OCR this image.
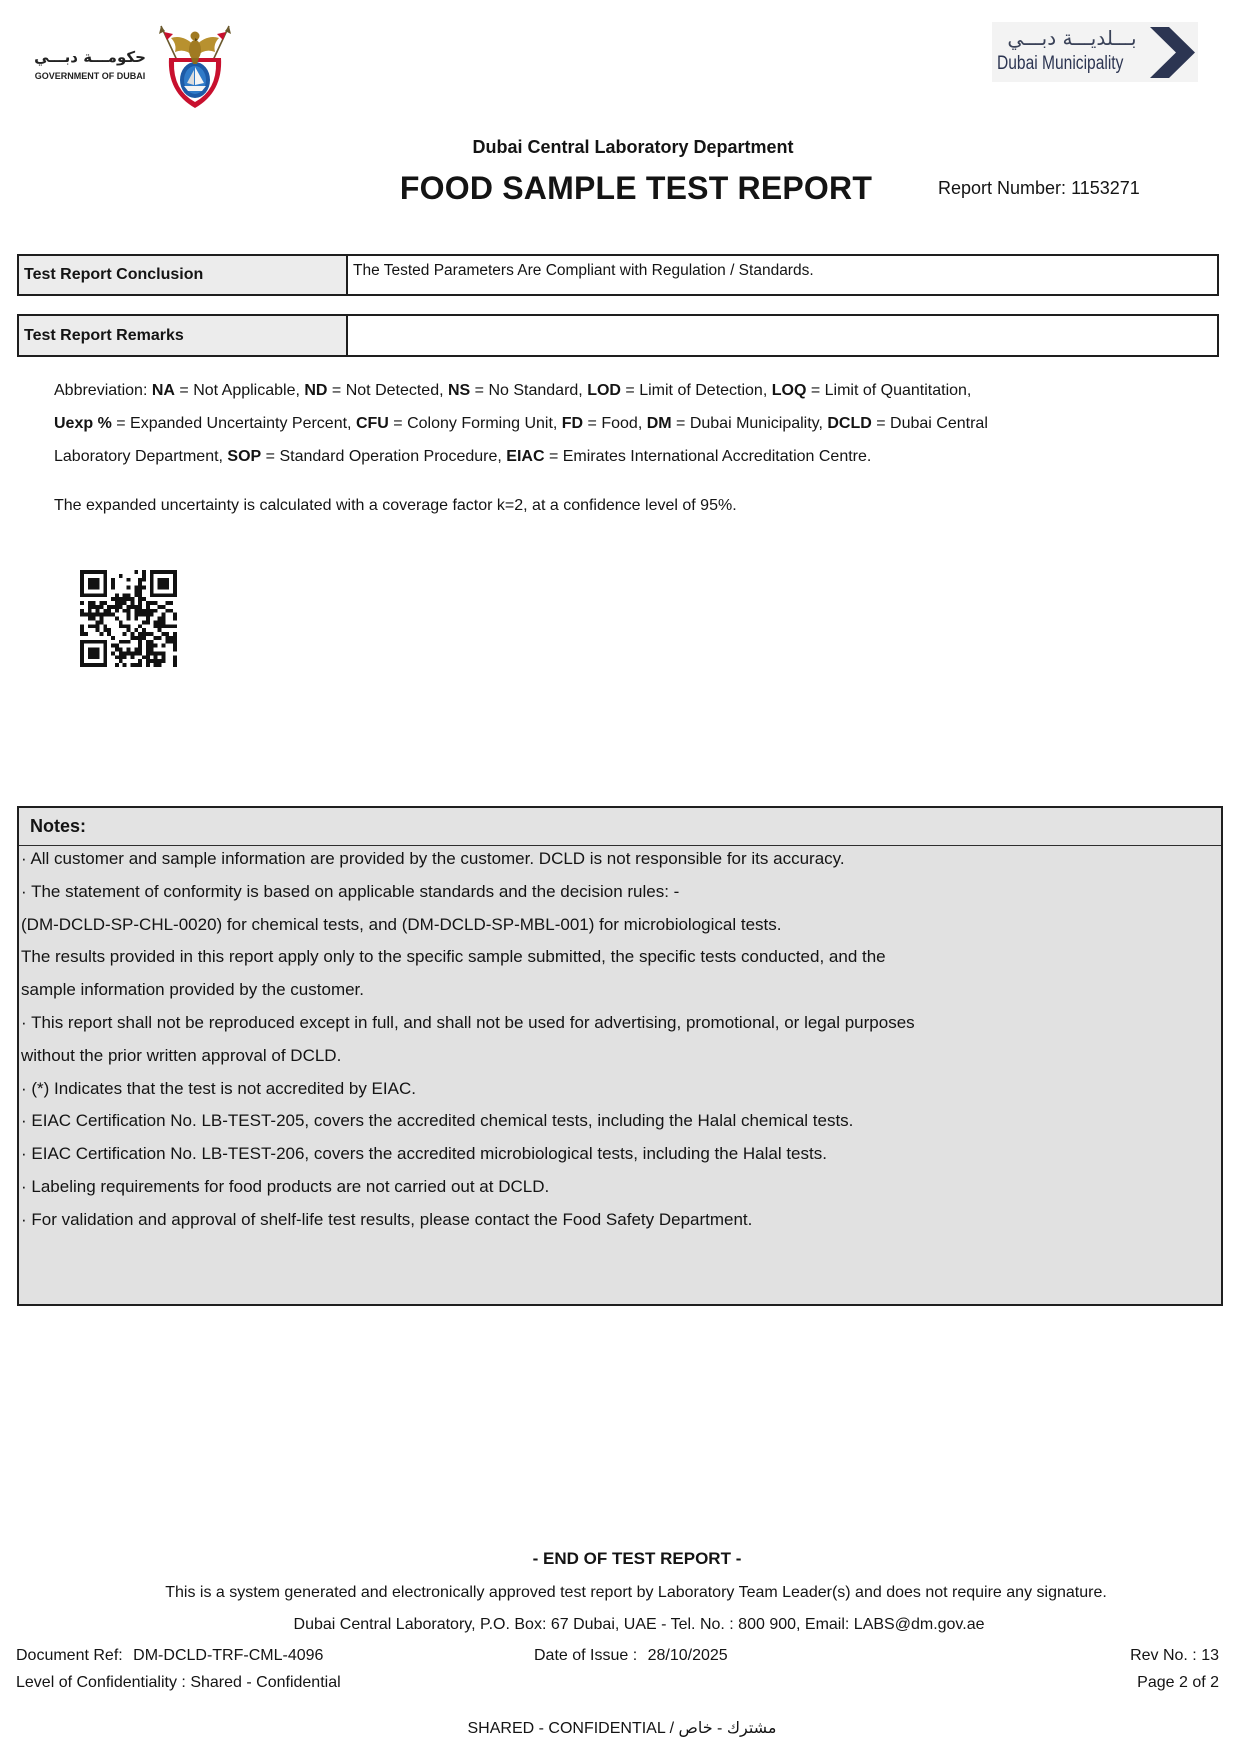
حكومـــة دبـــي
GOVERNMENT OF DUBAI
بـــلديـــة دبـــي
Dubai Municipality
Dubai Central Laboratory Department
FOOD SAMPLE TEST REPORT	Report Number: 1153271
Test Report Conclusion	The Tested Parameters Are Compliant with Regulation / Standards.
Test Report Remarks
Abbreviation: NA = Not Applicable, ND = Not Detected, NS = No Standard, LOD = Limit of Detection, LOQ = Limit of Quantitation,
Uexp % = Expanded Uncertainty Percent, CFU = Colony Forming Unit, FD = Food, DM = Dubai Municipality, DCLD = Dubai Central
Laboratory Department, SOP = Standard Operation Procedure, EIAC = Emirates International Accreditation Centre.
The expanded uncertainty is calculated with a coverage factor k=2, at a confidence level of 95%.
Notes:
· All customer and sample information are provided by the customer. DCLD is not responsible for its accuracy.
· The statement of conformity is based on applicable standards and the decision rules: -
(DM-DCLD-SP-CHL-0020) for chemical tests, and (DM-DCLD-SP-MBL-001) for microbiological tests.
The results provided in this report apply only to the specific sample submitted, the specific tests conducted, and the
sample information provided by the customer.
· This report shall not be reproduced except in full, and shall not be used for advertising, promotional, or legal purposes
without the prior written approval of DCLD.
· (*) Indicates that the test is not accredited by EIAC.
· EIAC Certification No. LB-TEST-205, covers the accredited chemical tests, including the Halal chemical tests.
· EIAC Certification No. LB-TEST-206, covers the accredited microbiological tests, including the Halal tests.
· Labeling requirements for food products are not carried out at DCLD.
· For validation and approval of shelf-life test results, please contact the Food Safety Department.
- END OF TEST REPORT -
This is a system generated and electronically approved test report by Laboratory Team Leader(s) and does not require any signature.
Dubai Central Laboratory, P.O. Box: 67 Dubai, UAE - Tel. No. : 800 900, Email: LABS@dm.gov.ae
Document Ref: DM-DCLD-TRF-CML-4096	Date of Issue : 28/10/2025	Rev No. : 13
Level of Confidentiality : Shared - Confidential	Page 2 of 2
SHARED - CONFIDENTIAL / مشترك - خاص
